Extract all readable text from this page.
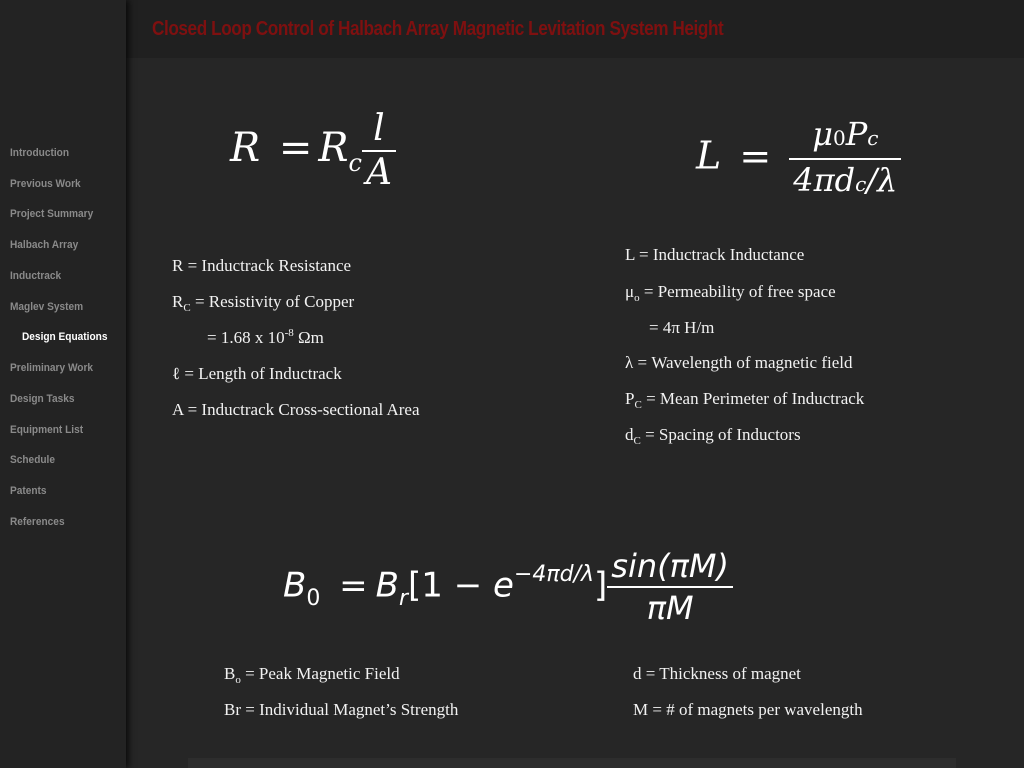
Closed Loop Control of Halbach Array Magnetic Levitation System Height
Introduction
Previous Work
Project Summary
Halbach Array
Inductrack
Maglev System
Design Equations
Preliminary Work
Design Tasks
Equipment List
Schedule
Patents
References
$R = R_c \frac{l}{A}$	$L = \frac{\mu 0Pc}{\text{4πdc/λ}}$
R = Inductrack Resistance
$R_C$ = Resistivity of Copper
= 1.68 x $10^{-8}$ Ωm
ℓ = Length of Inductrack
A = Inductrack Cross-sectional Area
L = Inductrack Inductance
$\mu_o$ = Permeability of free space
= 4π H/m
λ = Wavelength of magnetic field
$P_C$ = Mean Perimeter of Inductrack
$d_C$ = Spacing of Inductors
$B_0 = B_r[1 - e^{-4\pi d/\lambda}] \frac{\sin(\pi M)}{\pi M}$
$B_o$ = Peak Magnetic Field
Br = Individual Magnet’s Strength
d = Thickness of magnet
M = # of magnets per wavelength
